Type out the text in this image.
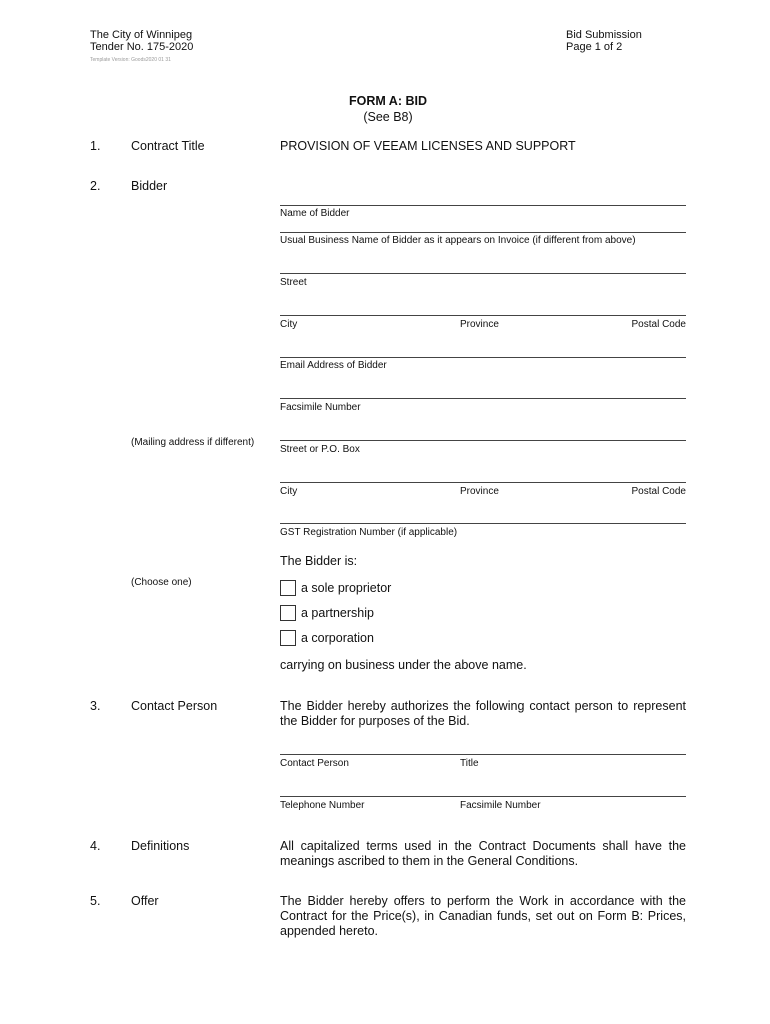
The City of Winnipeg
Tender No. 175-2020
Template Version: Goods2020 01 31
Bid Submission
Page 1 of 2
FORM A: BID
(See B8)
1. Contract Title	PROVISION OF VEEAM LICENSES AND SUPPORT
2. Bidder
Name of Bidder
Usual Business Name of Bidder as it appears on Invoice (if different from above)
Street
City	Province	Postal Code
Email Address of Bidder
Facsimile Number
(Mailing address if different)
Street or P.O. Box
City	Province	Postal Code
GST Registration Number (if applicable)
The Bidder is:
(Choose one)	a sole proprietor
a partnership
a corporation
carrying on business under the above name.
3. Contact Person	The Bidder hereby authorizes the following contact person to represent the Bidder for purposes of the Bid.
Contact Person	Title
Telephone Number	Facsimile Number
4. Definitions	All capitalized terms used in the Contract Documents shall have the meanings ascribed to them in the General Conditions.
5. Offer	The Bidder hereby offers to perform the Work in accordance with the Contract for the Price(s), in Canadian funds, set out on Form B: Prices, appended hereto.
